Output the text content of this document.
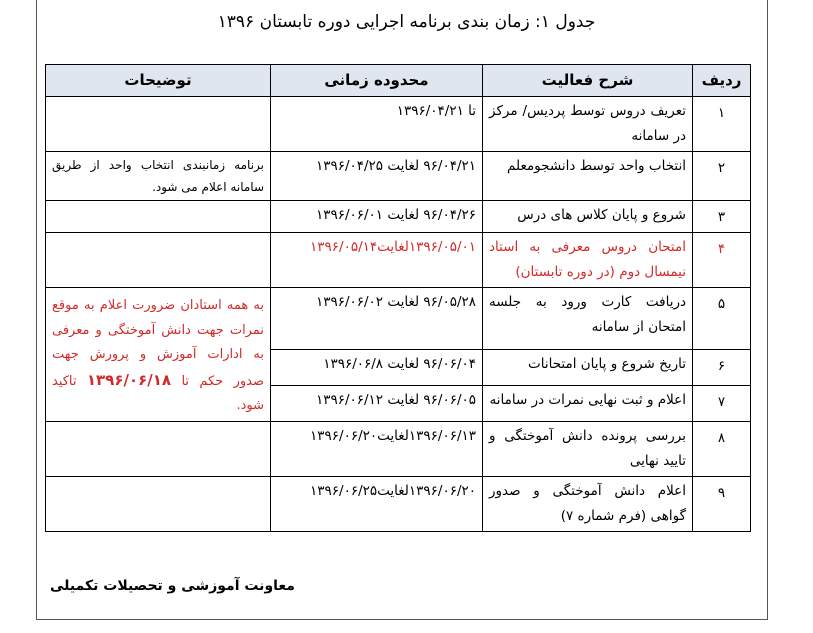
جدول ۱: زمان بندی برنامه اجرایی دوره تابستان ۱۳۹۶
ردیف	شرح فعالیت	محدوده زمانی	توضیحات
۱	تعریف دروس توسط پردیس/ مرکز در سامانه	تا ۱۳۹۶/۰۴/۲۱	
۲	انتخاب واحد توسط دانشجومعلم	۹۶/۰۴/۲۱ لغایت ۱۳۹۶/۰۴/۲۵	برنامه زمانبندی انتخاب واحد از طریق سامانه اعلام می شود.
۳	شروع و پایان کلاس های درس	۹۶/۰۴/۲۶ لغایت ۱۳۹۶/۰۶/۰۱	
۴	امتحان دروس معرفی به استاد نیمسال دوم (در دوره تابستان)	۱۳۹۶/۰۵/۰۱لغایت۱۳۹۶/۰۵/۱۴	
۵	دریافت کارت ورود به جلسه امتحان از سامانه	۹۶/۰۵/۲۸ لغایت ۱۳۹۶/۰۶/۰۲	به همه استادان ضرورت اعلام به موقع نمرات جهت دانش آموختگی و معرفی به ادارات آموزش و پرورش جهت صدور حکم تا ۱۳۹۶/۰۶/۱۸ تاکید شود.
۶	تاریخ شروع و پایان امتحانات	۹۶/۰۶/۰۴ لغایت ۱۳۹۶/۰۶/۸	
۷	اعلام و ثبت نهایی نمرات در سامانه	۹۶/۰۶/۰۵ لغایت ۱۳۹۶/۰۶/۱۲	
۸	بررسی پرونده دانش آموختگی و تایید نهایی	۱۳۹۶/۰۶/۱۳لغایت۱۳۹۶/۰۶/۲۰	
۹	اعلام دانش آموختگی و صدور گواهی (فرم شماره ۷)	۱۳۹۶/۰۶/۲۰لغایت۱۳۹۶/۰۶/۲۵	
معاونت آموزشی و تحصیلات تکمیلی
